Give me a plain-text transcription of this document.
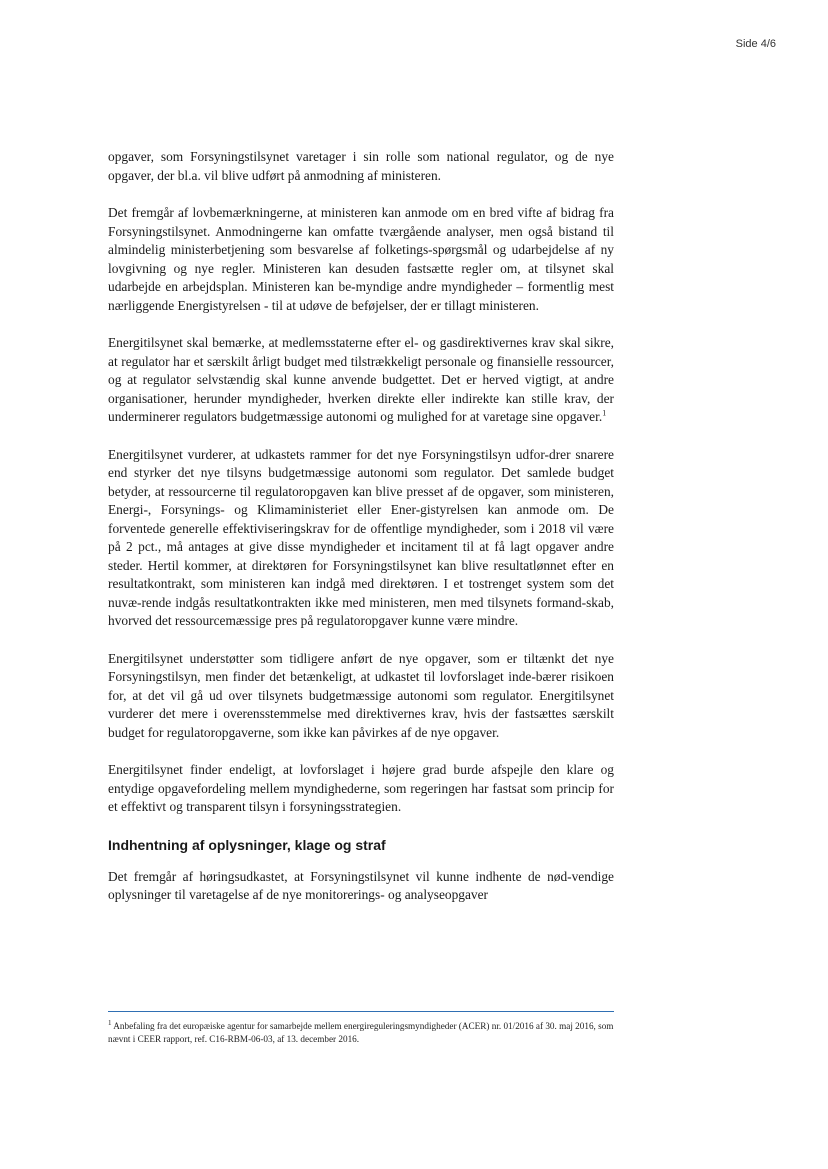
Side 4/6

opgaver, som Forsyningstilsynet varetager i sin rolle som national regulator, og de nye opgaver, der bl.a. vil blive udført på anmodning af ministeren.

Det fremgår af lovbemærkningerne, at ministeren kan anmode om en bred vifte af bidrag fra Forsyningstilsynet. Anmodningerne kan omfatte tværgående analyser, men også bistand til almindelig ministerbetjening som besvarelse af folketings-spørgsmål og udarbejdelse af ny lovgivning og nye regler. Ministeren kan desuden fastsætte regler om, at tilsynet skal udarbejde en arbejdsplan. Ministeren kan be-myndige andre myndigheder – formentlig mest nærliggende Energistyrelsen - til at udøve de beføjelser, der er tillagt ministeren.

Energitilsynet skal bemærke, at medlemsstaterne efter el- og gasdirektivernes krav skal sikre, at regulator har et særskilt årligt budget med tilstrækkeligt personale og finansielle ressourcer, og at regulator selvstændig skal kunne anvende budgettet. Det er herved vigtigt, at andre organisationer, herunder myndigheder, hverken direkte eller indirekte kan stille krav, der underminerer regulators budgetmæssige autonomi og mulighed for at varetage sine opgaver.$^1$

Energitilsynet vurderer, at udkastets rammer for det nye Forsyningstilsyn udfor-drer snarere end styrker det nye tilsyns budgetmæssige autonomi som regulator. Det samlede budget betyder, at ressourcerne til regulatoropgaven kan blive presset af de opgaver, som ministeren, Energi-, Forsynings- og Klimaministeriet eller Ener-gistyrelsen kan anmode om. De forventede generelle effektiviseringskrav for de offentlige myndigheder, som i 2018 vil være på 2 pct., må antages at give disse myndigheder et incitament til at få lagt opgaver andre steder. Hertil kommer, at direktøren for Forsyningstilsynet kan blive resultatlønnet efter en resultatkontrakt, som ministeren kan indgå med direktøren. I et tostrenget system som det nuvæ-rende indgås resultatkontrakten ikke med ministeren, men med tilsynets formand-skab, hvorved det ressourcemæssige pres på regulatoropgaver kunne være mindre.

Energitilsynet understøtter som tidligere anført de nye opgaver, som er tiltænkt det nye Forsyningstilsyn, men finder det betænkeligt, at udkastet til lovforslaget inde-bærer risikoen for, at det vil gå ud over tilsynets budgetmæssige autonomi som regulator. Energitilsynet vurderer det mere i overensstemmelse med direktivernes krav, hvis der fastsættes særskilt budget for regulatoropgaverne, som ikke kan påvirkes af de nye opgaver.

Energitilsynet finder endeligt, at lovforslaget i højere grad burde afspejle den klare og entydige opgavefordeling mellem myndighederne, som regeringen har fastsat som princip for et effektivt og transparent tilsyn i forsyningsstrategien.

Indhentning af oplysninger, klage og straf

Det fremgår af høringsudkastet, at Forsyningstilsynet vil kunne indhente de nød-vendige oplysninger til varetagelse af de nye monitorerings- og analyseopgaver

$^1$ Anbefaling fra det europæiske agentur for samarbejde mellem energireguleringsmyndigheder (ACER) nr. 01/2016 af 30. maj 2016, som nævnt i CEER rapport, ref. C16-RBM-06-03, af 13. december 2016.
